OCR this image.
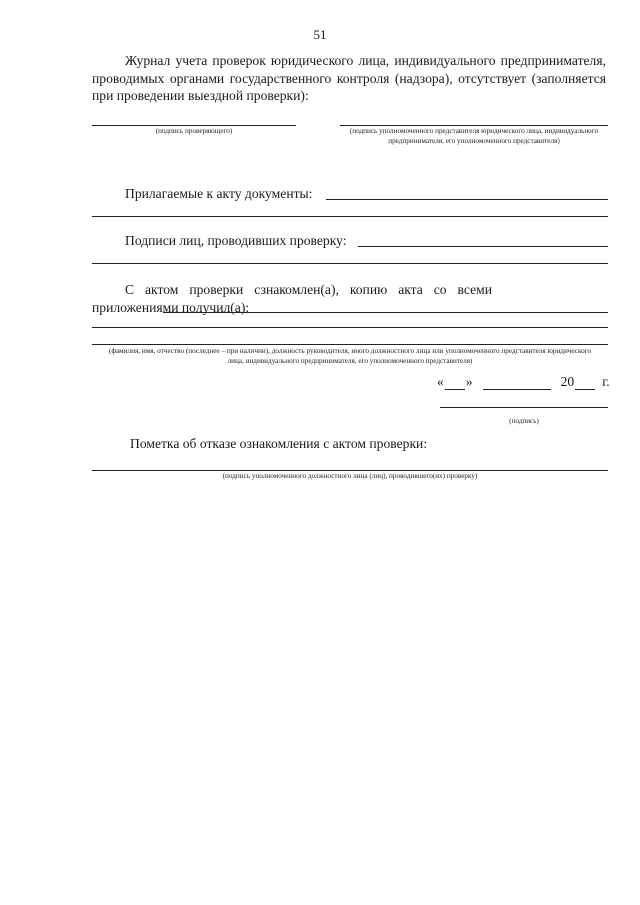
51
Журнал учета проверок юридического лица, индивидуального предпринимателя, проводимых органами государственного контроля (надзора), отсутствует (заполняется при проведении выездной проверки):
(подпись проверяющего)	(подпись уполномоченного представителя юридического лица, индивидуального предпринимателя, его уполномоченного представителя)
Прилагаемые к акту документы:
Подписи лиц, проводивших проверку:
С актом проверки сзнакомлен(а), копию акта со всеми приложениями получил(а):
(фамилия, имя, отчество (последнее – при наличии), должность руководителя, иного должностного лица или уполномоченного представителя юридического лица, индивидуального предпринимателя, его уполномоченного представителя)
« »	20 г.
(подпись)
Пометка об отказе ознакомления с актом проверки:
(подпись уполномоченного должностного лица (лиц), проводившего(их) проверку)
